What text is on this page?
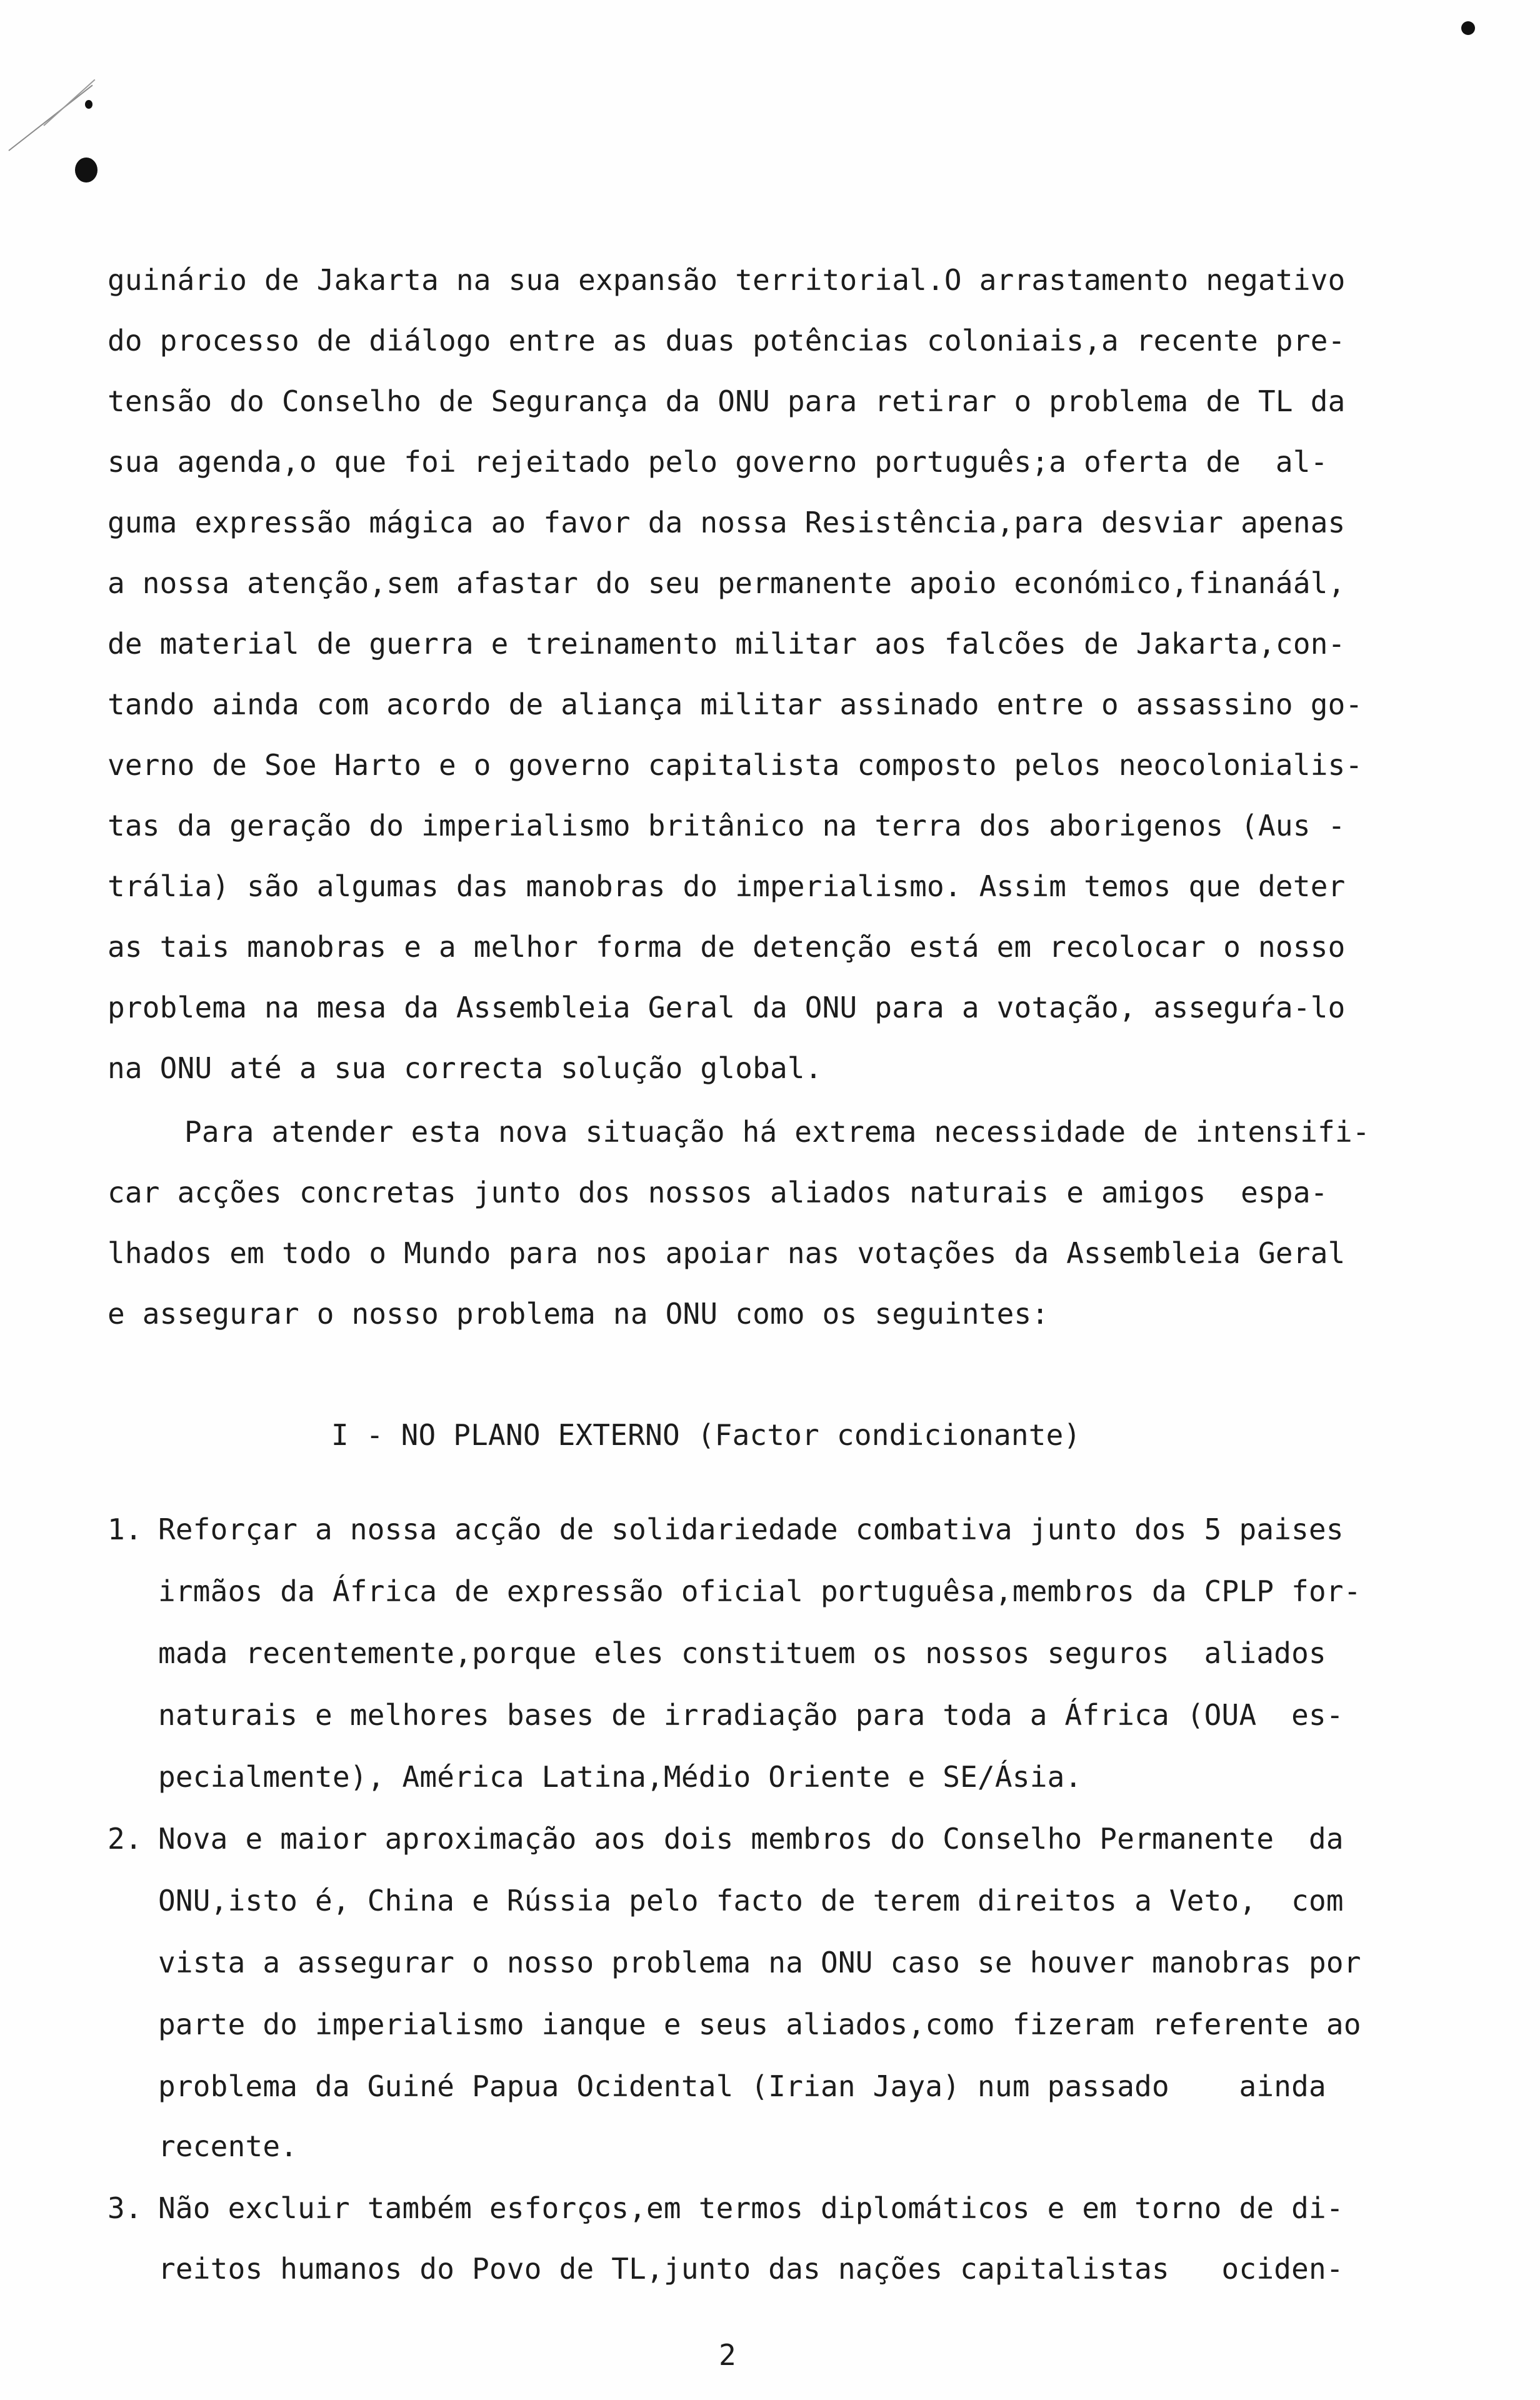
guinário de Jakarta na sua expansão territorial.O arrastamento negativo
do processo de diálogo entre as duas potências coloniais,a recente pre-
tensão do Conselho de Segurança da ONU para retirar o problema de TL da
sua agenda,o que foi rejeitado pelo governo português;a oferta de  al-
guma expressão mágica ao favor da nossa Resistência,para desviar apenas
a nossa atenção,sem afastar do seu permanente apoio económico,finanáál,
de material de guerra e treinamento militar aos falcões de Jakarta,con-
tando ainda com acordo de aliança militar assinado entre o assassino go-
verno de Soe Harto e o governo capitalista composto pelos neocolonialis-
tas da geração do imperialismo britânico na terra dos aborigenos (Aus -
trália) são algumas das manobras do imperialismo. Assim temos que deter
as tais manobras e a melhor forma de detenção está em recolocar o nosso
problema na mesa da Assembleia Geral da ONU para a votação, asseguŕa-lo
na ONU até a sua correcta solução global.
Para atender esta nova situação há extrema necessidade de intensifi-
car acções concretas junto dos nossos aliados naturais e amigos  espa-
lhados em todo o Mundo para nos apoiar nas votações da Assembleia Geral
e assegurar o nosso problema na ONU como os seguintes:
I - NO PLANO EXTERNO (Factor condicionante)
1. Reforçar a nossa acção de solidariedade combativa junto dos 5 paises
irmãos da África de expressão oficial portuguêsa,membros da CPLP for-
mada recentemente,porque eles constituem os nossos seguros  aliados
naturais e melhores bases de irradiação para toda a África (OUA  es-
pecialmente), América Latina,Médio Oriente e SE/Ásia.
2. Nova e maior aproximação aos dois membros do Conselho Permanente  da
ONU,isto é, China e Rússia pelo facto de terem direitos a Veto,  com
vista a assegurar o nosso problema na ONU caso se houver manobras por
parte do imperialismo ianque e seus aliados,como fizeram referente ao
problema da Guiné Papua Ocidental (Irian Jaya) num passado    ainda
recente.
3. Não excluir também esforços,em termos diplomáticos e em torno de di-
reitos humanos do Povo de TL,junto das nações capitalistas   ociden-
2
